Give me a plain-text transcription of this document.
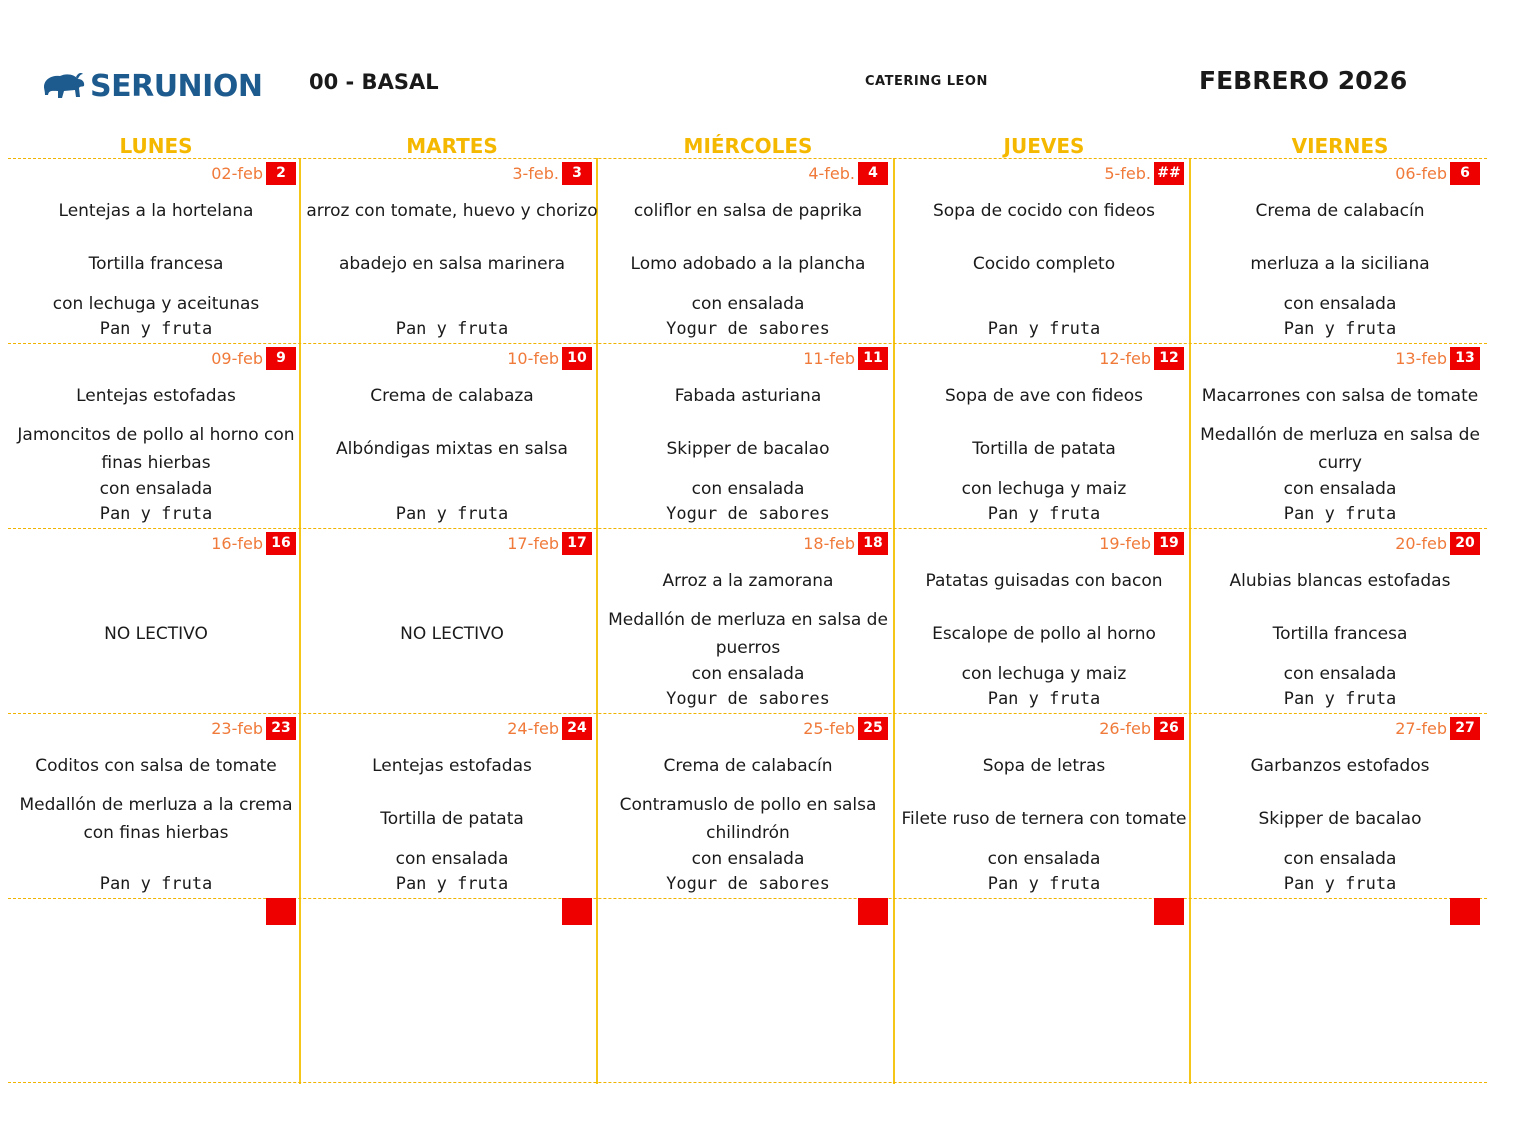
SERUNION 00 - BASAL	CATERING LEON	FEBRERO 2026
LUNES	MARTES	MIÉRCOLES	JUEVES	VIERNES
02-feb 2
Lentejas a la hortelana
Tortilla francesa
con lechuga y aceitunas
Pan y fruta
3-feb. 3
arroz con tomate, huevo y chorizo
abadejo en salsa marinera
Pan y fruta
4-feb. 4
coliflor en salsa de paprika
Lomo adobado a la plancha
con ensalada
Yogur de sabores
5-feb. ##
Sopa de cocido con fideos
Cocido completo
Pan y fruta
06-feb 6
Crema de calabacín
merluza a la siciliana
con ensalada
Pan y fruta
09-feb 9
Lentejas estofadas
Jamoncitos de pollo al horno con finas hierbas
con ensalada
Pan y fruta
10-feb 10
Crema de calabaza
Albóndigas mixtas en salsa
Pan y fruta
11-feb 11
Fabada asturiana
Skipper de bacalao
con ensalada
Yogur de sabores
12-feb 12
Sopa de ave con fideos
Tortilla de patata
con lechuga y maiz
Pan y fruta
13-feb 13
Macarrones con salsa de tomate
Medallón de merluza en salsa de curry
con ensalada
Pan y fruta
16-feb 16
NO LECTIVO
17-feb 17
NO LECTIVO
18-feb 18
Arroz a la zamorana
Medallón de merluza en salsa de puerros
con ensalada
Yogur de sabores
19-feb 19
Patatas guisadas con bacon
Escalope de pollo al horno
con lechuga y maiz
Pan y fruta
20-feb 20
Alubias blancas estofadas
Tortilla francesa
con ensalada
Pan y fruta
23-feb 23
Coditos con salsa de tomate
Medallón de merluza a la crema con finas hierbas
Pan y fruta
24-feb 24
Lentejas estofadas
Tortilla de patata
con ensalada
Pan y fruta
25-feb 25
Crema de calabacín
Contramuslo de pollo en salsa chilindrón
con ensalada
Yogur de sabores
26-feb 26
Sopa de letras
Filete ruso de ternera con tomate
con ensalada
Pan y fruta
27-feb 27
Garbanzos estofados
Skipper de bacalao
con ensalada
Pan y fruta
